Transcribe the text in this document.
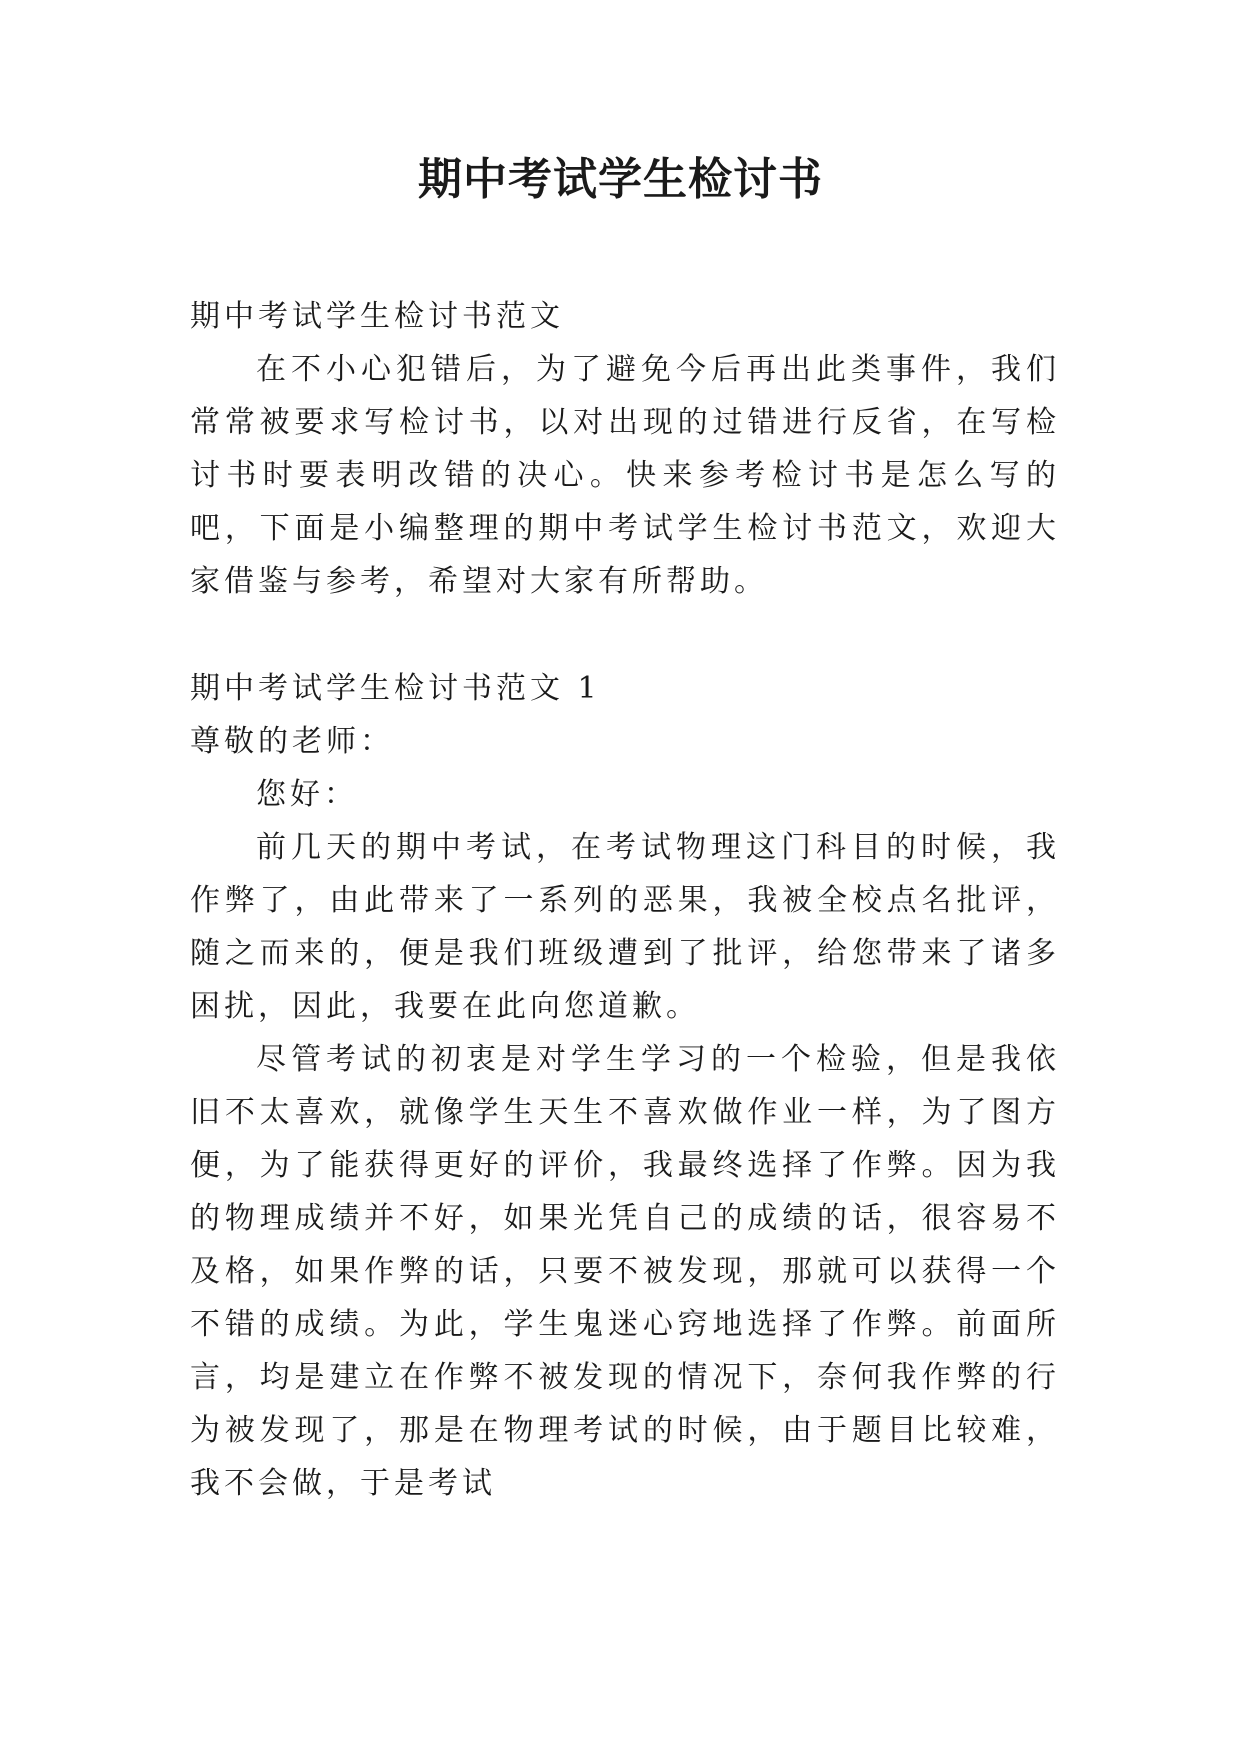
期中考试学生检讨书

期中考试学生检讨书范文

在不小心犯错后，为了避免今后再出此类事件，我们常常被要求写检讨书，以对出现的过错进行反省，在写检讨书时要表明改错的决心。快来参考检讨书是怎么写的吧，下面是小编整理的期中考试学生检讨书范文，欢迎大家借鉴与参考，希望对大家有所帮助。

期中考试学生检讨书范文 1

尊敬的老师：

您好：

前几天的期中考试，在考试物理这门科目的时候，我作弊了，由此带来了一系列的恶果，我被全校点名批评，随之而来的，便是我们班级遭到了批评，给您带来了诸多困扰，因此，我要在此向您道歉。

尽管考试的初衷是对学生学习的一个检验，但是我依旧不太喜欢，就像学生天生不喜欢做作业一样，为了图方便，为了能获得更好的评价，我最终选择了作弊。因为我的物理成绩并不好，如果光凭自己的成绩的话，很容易不及格，如果作弊的话，只要不被发现，那就可以获得一个不错的成绩。为此，学生鬼迷心窍地选择了作弊。前面所言，均是建立在作弊不被发现的情况下，奈何我作弊的行为被发现了，那是在物理考试的时候，由于题目比较难，我不会做，于是考试
